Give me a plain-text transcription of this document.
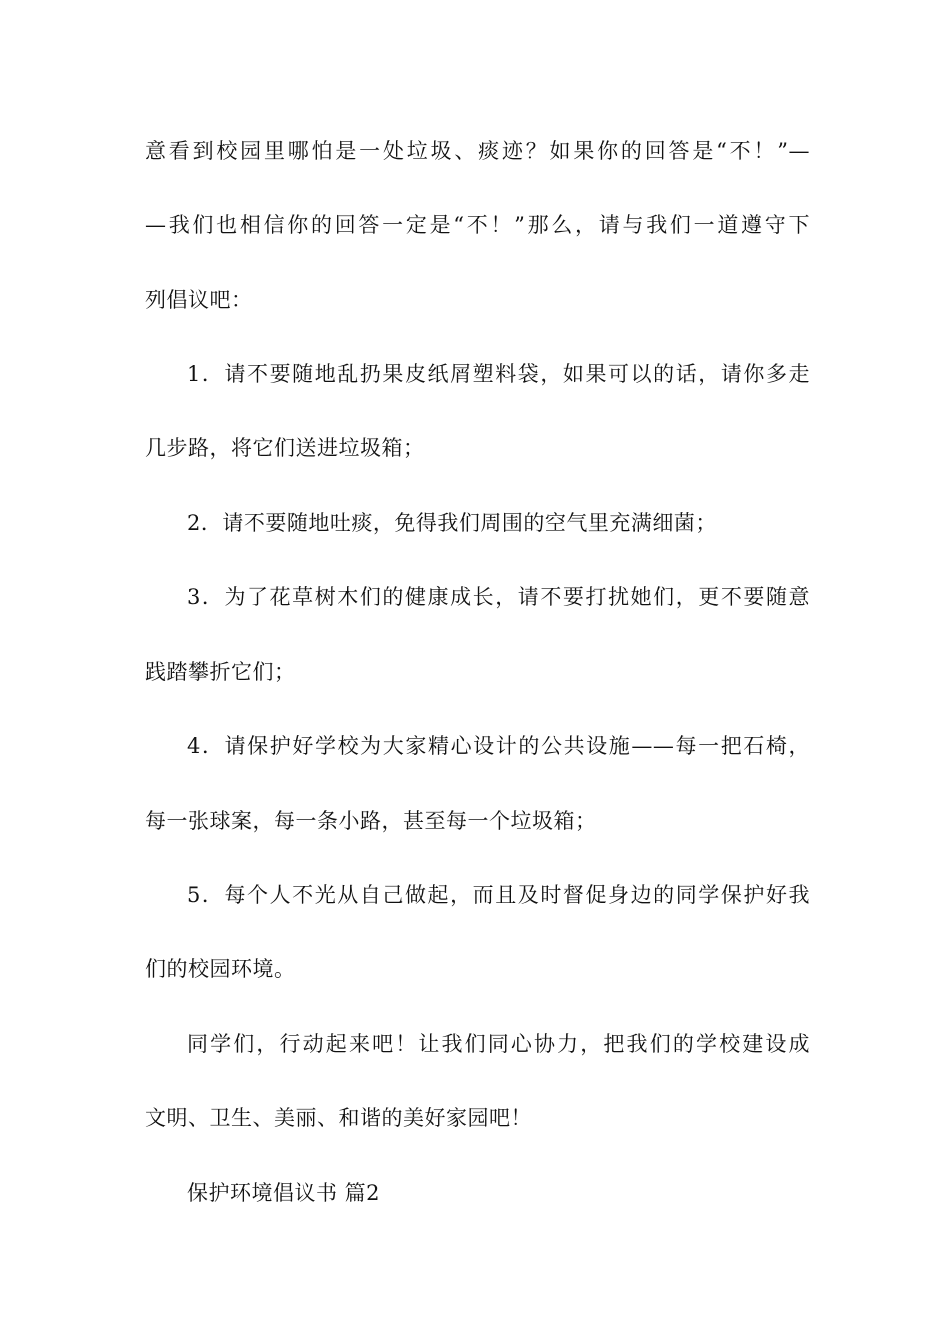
意看到校园里哪怕是一处垃圾、痰迹？如果你的回答是“不！”—
—我们也相信你的回答一定是“不！”那么，请与我们一道遵守下
列倡议吧：
1．请不要随地乱扔果皮纸屑塑料袋，如果可以的话，请你多走
几步路，将它们送进垃圾箱；
2．请不要随地吐痰，免得我们周围的空气里充满细菌；
3．为了花草树木们的健康成长，请不要打扰她们，更不要随意
践踏攀折它们；
4．请保护好学校为大家精心设计的公共设施——每一把石椅，
每一张球案，每一条小路，甚至每一个垃圾箱；
5．每个人不光从自己做起，而且及时督促身边的同学保护好我
们的校园环境。
同学们，行动起来吧！让我们同心协力，把我们的学校建设成
文明、卫生、美丽、和谐的美好家园吧！
保护环境倡议书 篇2
